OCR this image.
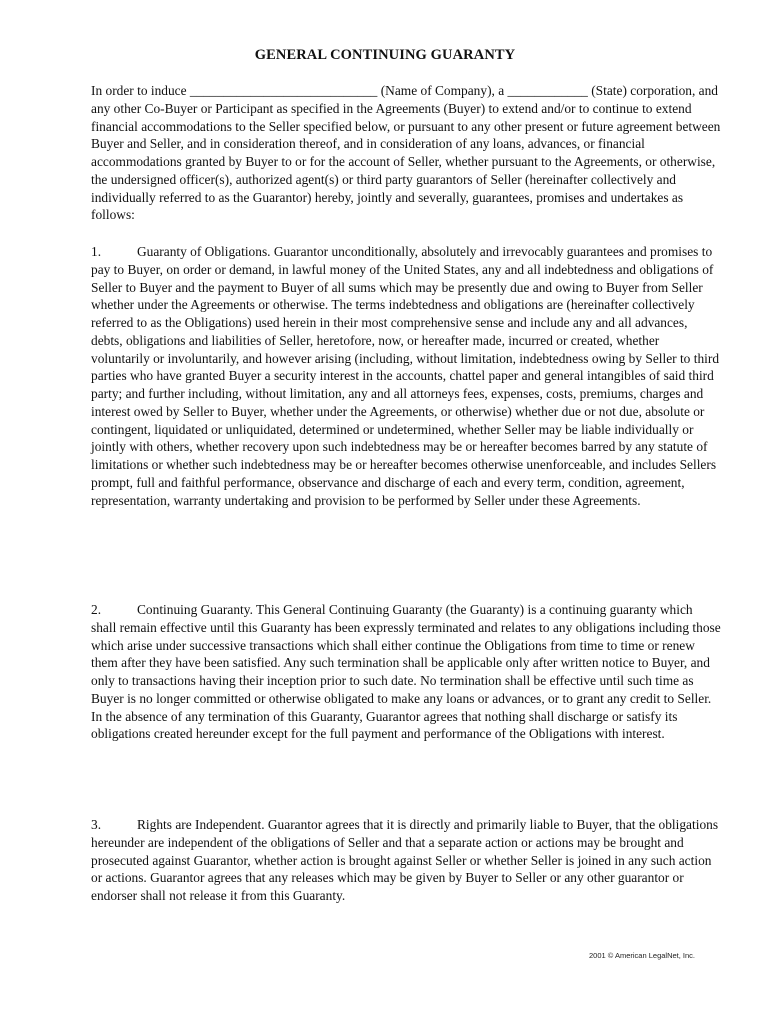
GENERAL CONTINUING GUARANTY

In order to induce ____________________________ (Name of Company), a ____________ (State) corporation, and any other Co-Buyer or Participant as specified in the Agreements (Buyer) to extend and/or to continue to extend financial accommodations to the Seller specified below, or pursuant to any other present or future agreement between Buyer and Seller, and in consideration thereof, and in consideration of any loans, advances, or financial accommodations granted by Buyer to or for the account of Seller, whether pursuant to the Agreements, or otherwise, the undersigned officer(s), authorized agent(s) or third party guarantors of Seller (hereinafter collectively and individually referred to as the Guarantor) hereby, jointly and severally, guarantees, promises and undertakes as follows:

1.	Guaranty of Obligations. Guarantor unconditionally, absolutely and irrevocably guarantees and promises to pay to Buyer, on order or demand, in lawful money of the United States, any and all indebtedness and obligations of Seller to Buyer and the payment to Buyer of all sums which may be presently due and owing to Buyer from Seller whether under the Agreements or otherwise. The terms indebtedness and obligations are (hereinafter collectively referred to as the Obligations) used herein in their most comprehensive sense and include any and all advances, debts, obligations and liabilities of Seller, heretofore, now, or hereafter made, incurred or created, whether voluntarily or involuntarily, and however arising (including, without limitation, indebtedness owing by Seller to third parties who have granted Buyer a security interest in the accounts, chattel paper and general intangibles of said third party; and further including, without limitation, any and all attorneys fees, expenses, costs, premiums, charges and interest owed by Seller to Buyer, whether under the Agreements, or otherwise) whether due or not due, absolute or contingent, liquidated or unliquidated, determined or undetermined, whether Seller may be liable individually or jointly with others, whether recovery upon such indebtedness may be or hereafter becomes barred by any statute of limitations or whether such indebtedness may be or hereafter becomes otherwise unenforceable, and includes Sellers prompt, full and faithful performance, observance and discharge of each and every term, condition, agreement, representation, warranty undertaking and provision to be performed by Seller under these Agreements.

2.	Continuing Guaranty. This General Continuing Guaranty (the Guaranty) is a continuing guaranty which shall remain effective until this Guaranty has been expressly terminated and relates to any obligations including those which arise under successive transactions which shall either continue the Obligations from time to time or renew them after they have been satisfied. Any such termination shall be applicable only after written notice to Buyer, and only to transactions having their inception prior to such date. No termination shall be effective until such time as Buyer is no longer committed or otherwise obligated to make any loans or advances, or to grant any credit to Seller. In the absence of any termination of this Guaranty, Guarantor agrees that nothing shall discharge or satisfy its obligations created hereunder except for the full payment and performance of the Obligations with interest.

3.	Rights are Independent. Guarantor agrees that it is directly and primarily liable to Buyer, that the obligations hereunder are independent of the obligations of Seller and that a separate action or actions may be brought and prosecuted against Guarantor, whether action is brought against Seller or whether Seller is joined in any such action or actions. Guarantor agrees that any releases which may be given by Buyer to Seller or any other guarantor or endorser shall not release it from this Guaranty.

2001 © American LegalNet, Inc.
